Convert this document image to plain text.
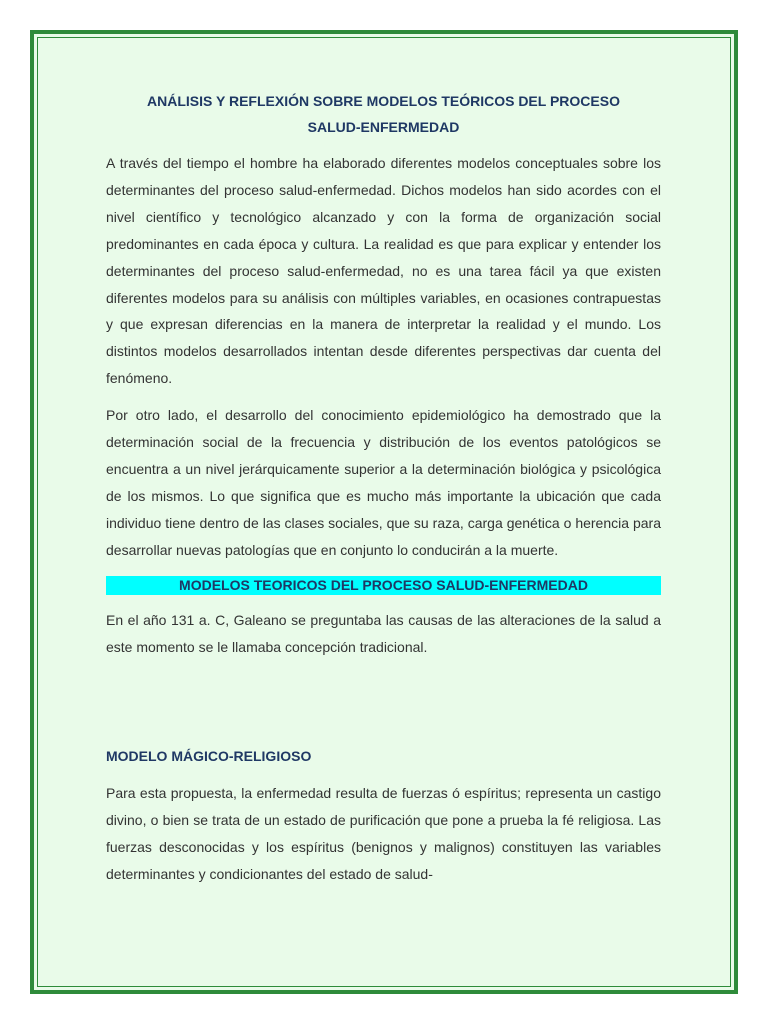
ANÁLISIS Y REFLEXIÓN SOBRE MODELOS TEÓRICOS DEL PROCESO
SALUD-ENFERMEDAD

A través del tiempo el hombre ha elaborado diferentes modelos conceptuales sobre los determinantes del proceso salud-enfermedad. Dichos modelos han sido acordes con el nivel científico y tecnológico alcanzado y con la forma de organización social predominantes en cada época y cultura. La realidad es que para explicar y entender los determinantes del proceso salud-enfermedad, no es una tarea fácil ya que existen diferentes modelos para su análisis con múltiples variables, en ocasiones contrapuestas y que expresan diferencias en la manera de interpretar la realidad y el mundo. Los distintos modelos desarrollados intentan desde diferentes perspectivas dar cuenta del fenómeno.

Por otro lado, el desarrollo del conocimiento epidemiológico ha demostrado que la determinación social de la frecuencia y distribución de los eventos patológicos se encuentra a un nivel jerárquicamente superior a la determinación biológica y psicológica de los mismos. Lo que significa que es mucho más importante la ubicación que cada individuo tiene dentro de las clases sociales, que su raza, carga genética o herencia para desarrollar nuevas patologías que en conjunto lo conducirán a la muerte.

MODELOS TEORICOS DEL PROCESO SALUD-ENFERMEDAD

En el año 131 a. C, Galeano se preguntaba las causas de las alteraciones de la salud a este momento se le llamaba concepción tradicional.

MODELO MÁGICO-RELIGIOSO

Para esta propuesta, la enfermedad resulta de fuerzas ó espíritus; representa un castigo divino, o bien se trata de un estado de purificación que pone a prueba la fé religiosa. Las fuerzas desconocidas y los espíritus (benignos y malignos) constituyen las variables determinantes y condicionantes del estado de salud-
